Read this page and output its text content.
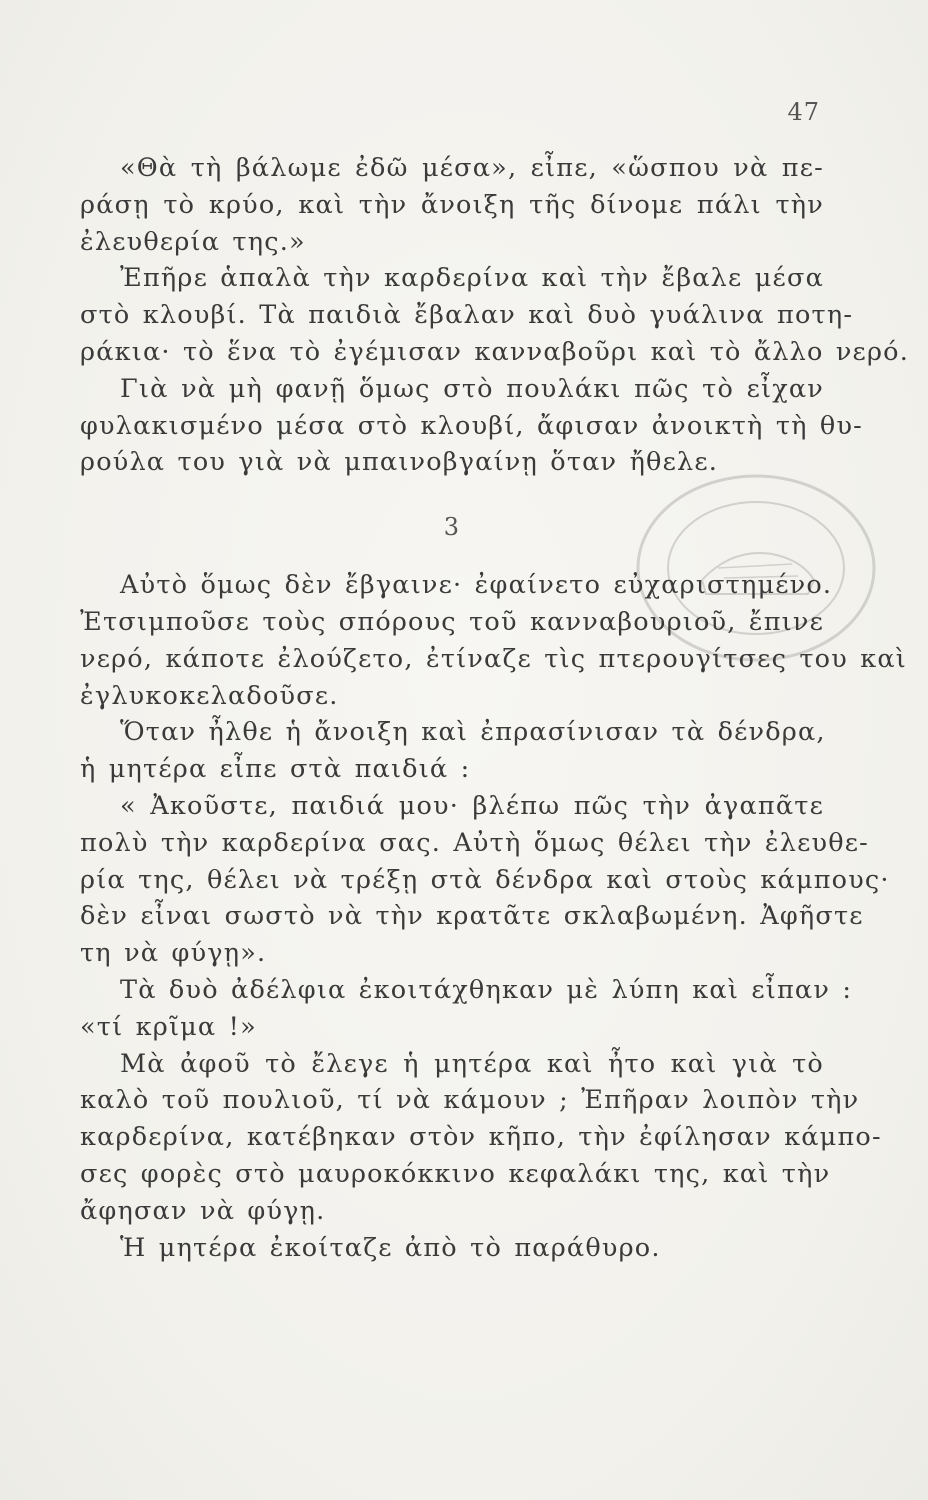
47
«Θὰ τὴ βάλωμε ἐδῶ μέσα», εἶπε, «ὥσπου νὰ πε-
ράσῃ τὸ κρύο, καὶ τὴν ἄνοιξη τῆς δίνομε πάλι τὴν
ἐλευθερία της.»
Ἐπῆρε ἁπαλὰ τὴν καρδερίνα καὶ τὴν ἔβαλε μέσα
στὸ κλουβί. Τὰ παιδιὰ ἔβαλαν καὶ δυὸ γυάλινα ποτη-
ράκια· τὸ ἕνα τὸ ἐγέμισαν κανναβοῦρι καὶ τὸ ἄλλο νερό.
Γιὰ νὰ μὴ φανῇ ὅμως στὸ πουλάκι πῶς τὸ εἶχαν
φυλακισμένο μέσα στὸ κλουβί, ἄφισαν ἀνοικτὴ τὴ θυ-
ρούλα του γιὰ νὰ μπαινοβγαίνῃ ὅταν ἤθελε.
3
Αὐτὸ ὅμως δὲν ἔβγαινε· ἐφαίνετο εὐχαριστημένο.
Ἐτσιμποῦσε τοὺς σπόρους τοῦ κανναβουριοῦ, ἔπινε
νερό, κάποτε ἐλούζετο, ἐτίναζε τὶς πτερουγίτσες του καὶ
ἐγλυκοκελαδοῦσε.
Ὅταν ἦλθε ἡ ἄνοιξη καὶ ἐπρασίνισαν τὰ δένδρα,
ἡ μητέρα εἶπε στὰ παιδιά :
« Ἀκοῦστε, παιδιά μου· βλέπω πῶς τὴν ἀγαπᾶτε
πολὺ τὴν καρδερίνα σας. Αὐτὴ ὅμως θέλει τὴν ἐλευθε-
ρία της, θέλει νὰ τρέξῃ στὰ δένδρα καὶ στοὺς κάμπους·
δὲν εἶναι σωστὸ νὰ τὴν κρατᾶτε σκλαβωμένη. Ἀφῆστε
τη νὰ φύγῃ».
Τὰ δυὸ ἀδέλφια ἐκοιτάχθηκαν μὲ λύπη καὶ εἶπαν :
«τί κρῖμα !»
Μὰ ἀφοῦ τὸ ἔλεγε ἡ μητέρα καὶ ἦτο καὶ γιὰ τὸ
καλὸ τοῦ πουλιοῦ, τί νὰ κάμουν ; Ἐπῆραν λοιπὸν τὴν
καρδερίνα, κατέβηκαν στὸν κῆπο, τὴν ἐφίλησαν κάμπο-
σες φορὲς στὸ μαυροκόκκινο κεφαλάκι της, καὶ τὴν
ἄφησαν νὰ φύγῃ.
Ἡ μητέρα ἐκοίταζε ἀπὸ τὸ παράθυρο.
